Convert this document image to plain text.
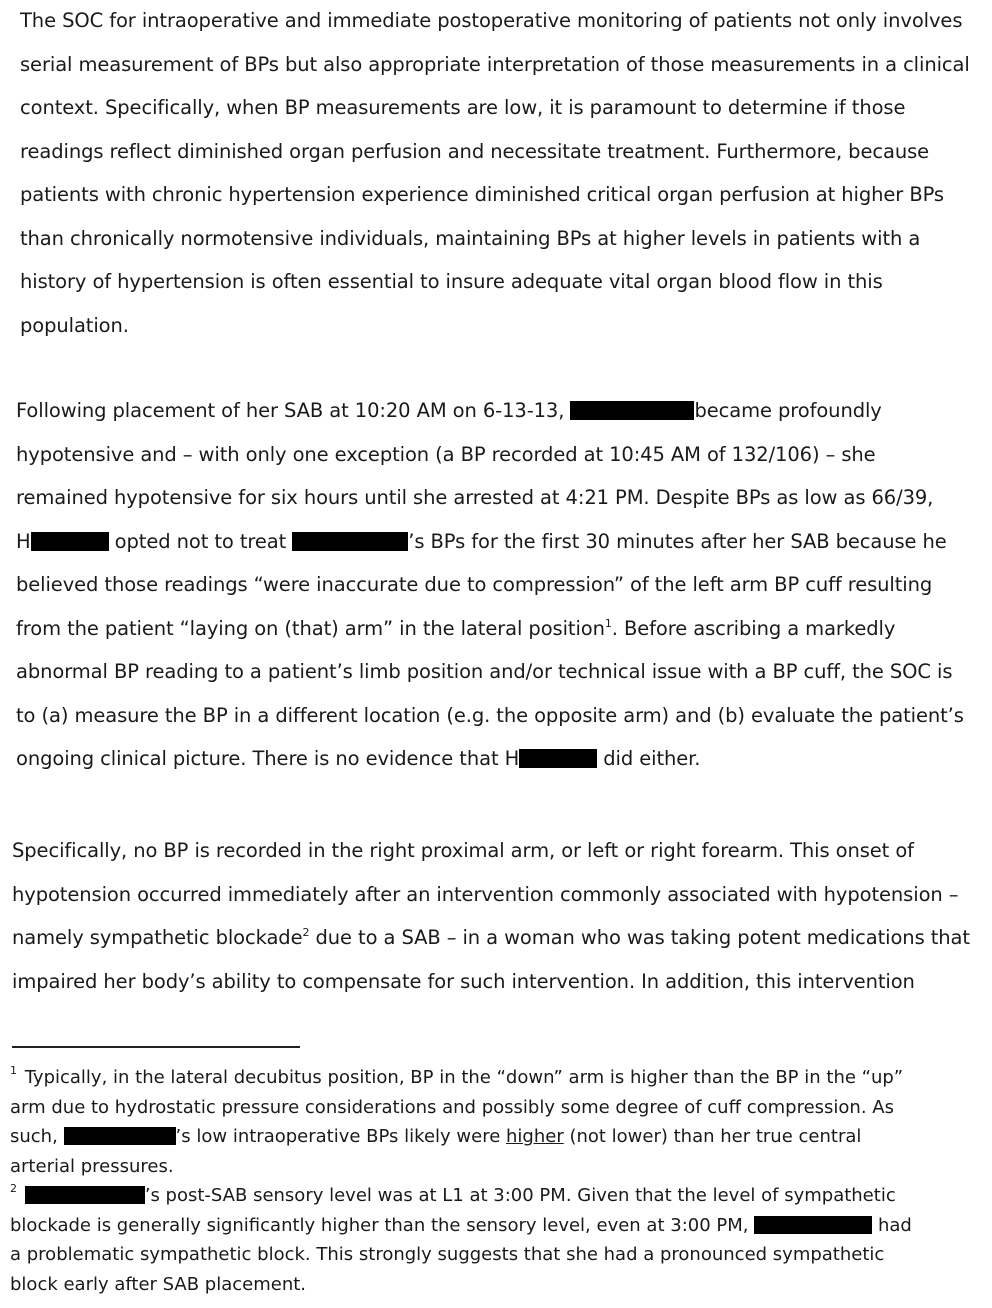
The SOC for intraoperative and immediate postoperative monitoring of patients not only involves
serial measurement of BPs but also appropriate interpretation of those measurements in a clinical
context. Specifically, when BP measurements are low, it is paramount to determine if those
readings reflect diminished organ perfusion and necessitate treatment. Furthermore, because
patients with chronic hypertension experience diminished critical organ perfusion at higher BPs
than chronically normotensive individuals, maintaining BPs at higher levels in patients with a
history of hypertension is often essential to insure adequate vital organ blood flow in this
population.

Following placement of her SAB at 10:20 AM on 6-13-13,	became profoundly
hypotensive and – with only one exception (a BP recorded at 10:45 AM of 132/106) – she
remained hypotensive for six hours until she arrested at 4:21 PM. Despite BPs as low as 66/39,
H	opted not to treat	’s BPs for the first 30 minutes after her SAB because he
believed those readings “were inaccurate due to compression” of the left arm BP cuff resulting
from the patient “laying on (that) arm” in the lateral position$^1$. Before ascribing a markedly
abnormal BP reading to a patient’s limb position and/or technical issue with a BP cuff, the SOC is
to (a) measure the BP in a different location (e.g. the opposite arm) and (b) evaluate the patient’s
ongoing clinical picture. There is no evidence that H	did either.

Specifically, no BP is recorded in the right proximal arm, or left or right forearm. This onset of
hypotension occurred immediately after an intervention commonly associated with hypotension –
namely sympathetic blockade$^2$ due to a SAB – in a woman who was taking potent medications that
impaired her body’s ability to compensate for such intervention. In addition, this intervention

$^1$ Typically, in the lateral decubitus position, BP in the “down” arm is higher than the BP in the “up”
arm due to hydrostatic pressure considerations and possibly some degree of cuff compression. As
such,	’s low intraoperative BPs likely were higher (not lower) than her true central
arterial pressures.
$^2$	’s post-SAB sensory level was at L1 at 3:00 PM. Given that the level of sympathetic
blockade is generally significantly higher than the sensory level, even at 3:00 PM,	had
a problematic sympathetic block. This strongly suggests that she had a pronounced sympathetic
block early after SAB placement.
